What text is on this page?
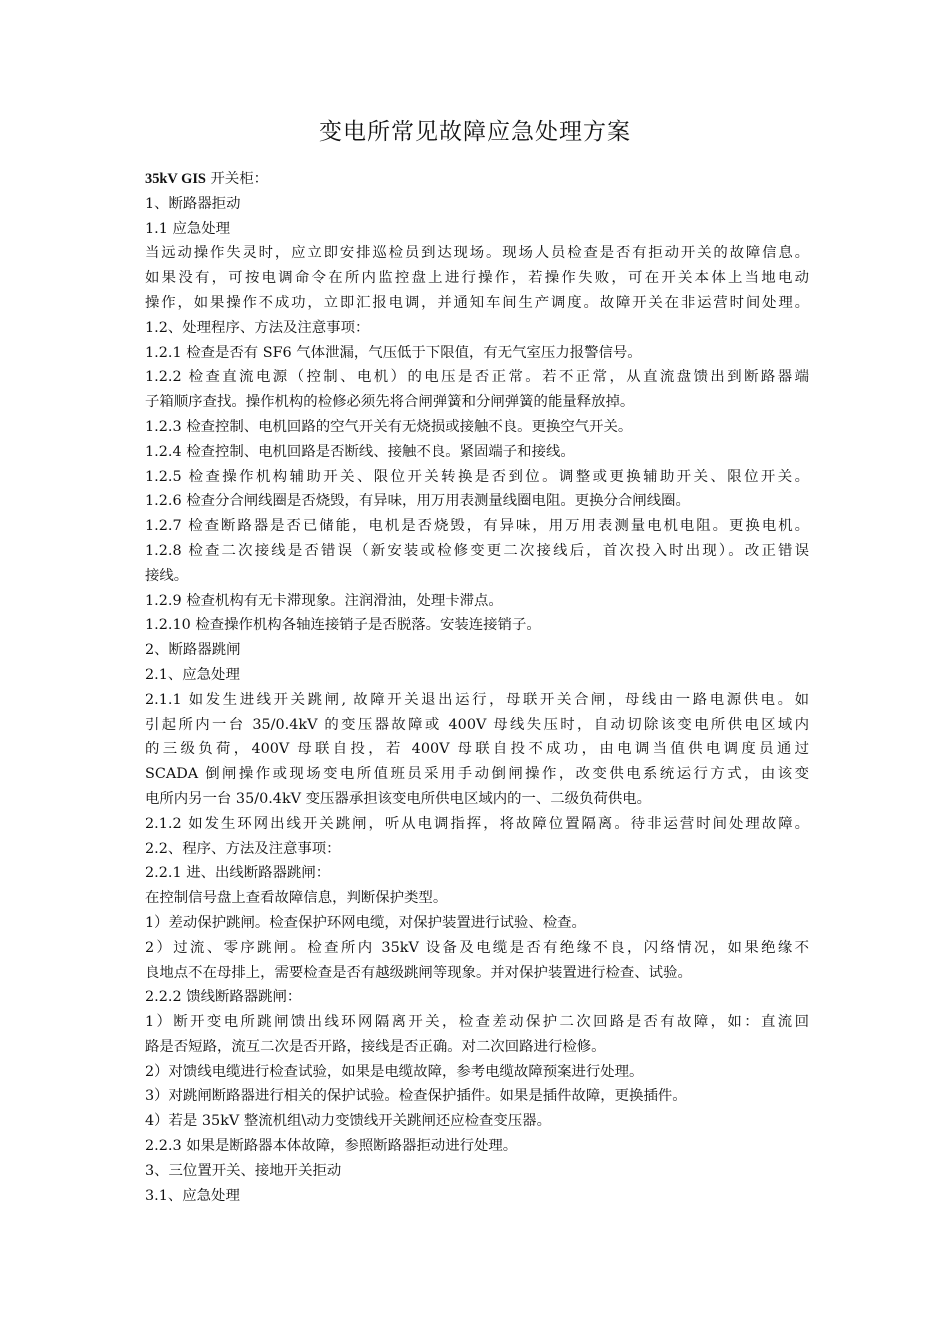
变电所常见故障应急处理方案
35kV GIS 开关柜：
1、断路器拒动
1.1 应急处理
当远动操作失灵时，应立即安排巡检员到达现场。现场人员检查是否有拒动开关的故障信息。
如果没有，可按电调命令在所内监控盘上进行操作，若操作失败，可在开关本体上当地电动
操作，如果操作不成功，立即汇报电调，并通知车间生产调度。故障开关在非运营时间处理。
1.2、处理程序、方法及注意事项：
1.2.1 检查是否有 SF6 气体泄漏，气压低于下限值，有无气室压力报警信号。
1.2.2 检查直流电源（控制、电机）的电压是否正常。若不正常，从直流盘馈出到断路器端
子箱顺序查找。操作机构的检修必须先将合闸弹簧和分闸弹簧的能量释放掉。
1.2.3 检查控制、电机回路的空气开关有无烧损或接触不良。更换空气开关。
1.2.4 检查控制、电机回路是否断线、接触不良。紧固端子和接线。
1.2.5 检查操作机构辅助开关、限位开关转换是否到位。调整或更换辅助开关、限位开关。
1.2.6 检查分合闸线圈是否烧毁，有异味，用万用表测量线圈电阻。更换分合闸线圈。
1.2.7 检查断路器是否已储能，电机是否烧毁，有异味，用万用表测量电机电阻。更换电机。
1.2.8 检查二次接线是否错误（新安装或检修变更二次接线后，首次投入时出现）。改正错误
接线。
1.2.9 检查机构有无卡滞现象。注润滑油，处理卡滞点。
1.2.10 检查操作机构各轴连接销子是否脱落。安装连接销子。
2、断路器跳闸
2.1、应急处理
2.1.1 如发生进线开关跳闸, 故障开关退出运行，母联开关合闸，母线由一路电源供电。如
引起所内一台 35/0.4kV 的变压器故障或 400V 母线失压时，自动切除该变电所供电区域内
的三级负荷，400V 母联自投，若 400V 母联自投不成功，由电调当值供电调度员通过
SCADA 倒闸操作或现场变电所值班员采用手动倒闸操作，改变供电系统运行方式，由该变
电所内另一台 35/0.4kV 变压器承担该变电所供电区域内的一、二级负荷供电。
2.1.2 如发生环网出线开关跳闸，听从电调指挥，将故障位置隔离。待非运营时间处理故障。
2.2、程序、方法及注意事项：
2.2.1 进、出线断路器跳闸：
在控制信号盘上查看故障信息，判断保护类型。
1）差动保护跳闸。检查保护环网电缆，对保护装置进行试验、检查。
2）过流、零序跳闸。检查所内 35kV 设备及电缆是否有绝缘不良，闪络情况，如果绝缘不
良地点不在母排上，需要检查是否有越级跳闸等现象。并对保护装置进行检查、试验。
2.2.2 馈线断路器跳闸：
1）断开变电所跳闸馈出线环网隔离开关，检查差动保护二次回路是否有故障，如：直流回
路是否短路，流互二次是否开路，接线是否正确。对二次回路进行检修。
2）对馈线电缆进行检查试验，如果是电缆故障，参考电缆故障预案进行处理。
3）对跳闸断路器进行相关的保护试验。检查保护插件。如果是插件故障，更换插件。
4）若是 35kV 整流机组\动力变馈线开关跳闸还应检查变压器。
2.2.3 如果是断路器本体故障，参照断路器拒动进行处理。
3、三位置开关、接地开关拒动
3.1、应急处理
